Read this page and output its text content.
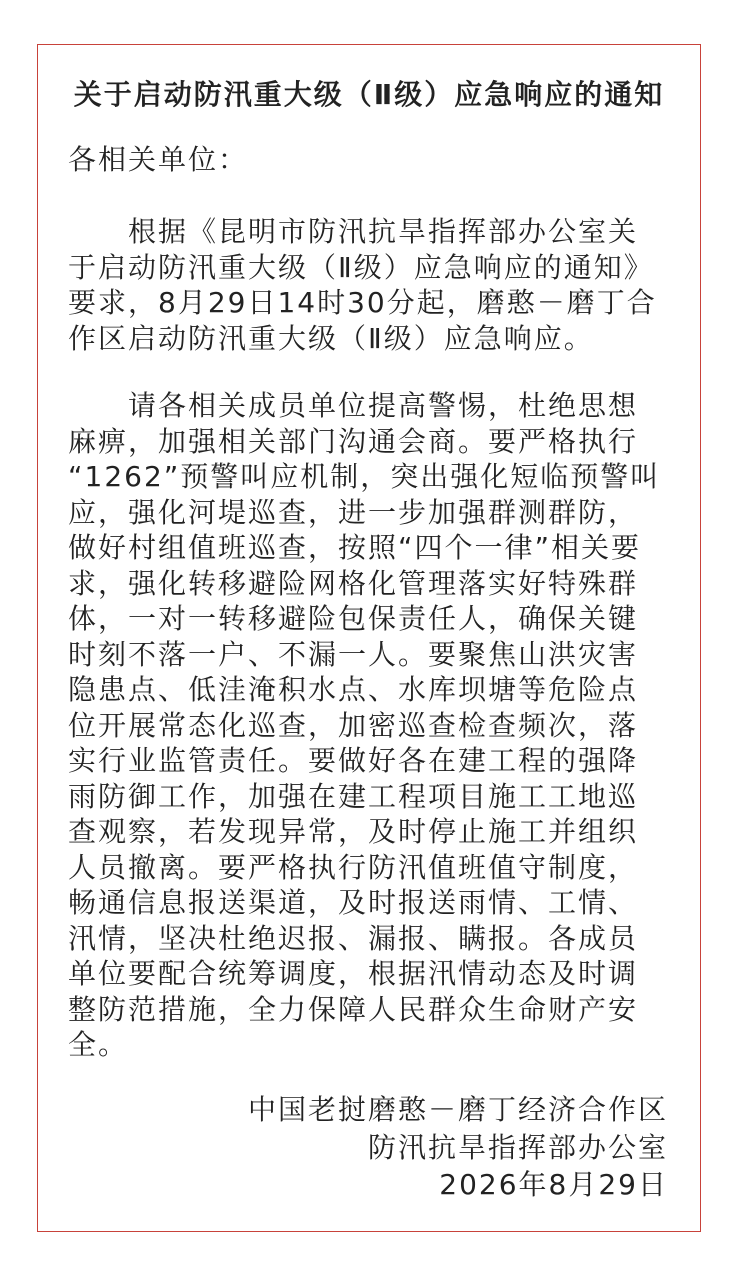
关于启动防汛重大级（Ⅱ级）应急响应的通知
各相关单位：
根据《昆明市防汛抗旱指挥部办公室关
于启动防汛重大级（Ⅱ级）应急响应的通知》
要求，8月29日14时30分起，磨憨－磨丁合
作区启动防汛重大级（Ⅱ级）应急响应。
请各相关成员单位提高警惕，杜绝思想
麻痹，加强相关部门沟通会商。要严格执行
“1262”预警叫应机制，突出强化短临预警叫
应，强化河堤巡查，进一步加强群测群防，
做好村组值班巡查，按照“四个一律”相关要
求，强化转移避险网格化管理落实好特殊群
体，一对一转移避险包保责任人，确保关键
时刻不落一户、不漏一人。要聚焦山洪灾害
隐患点、低洼淹积水点、水库坝塘等危险点
位开展常态化巡查，加密巡查检查频次，落
实行业监管责任。要做好各在建工程的强降
雨防御工作，加强在建工程项目施工工地巡
查观察，若发现异常，及时停止施工并组织
人员撤离。要严格执行防汛值班值守制度，
畅通信息报送渠道，及时报送雨情、工情、
汛情，坚决杜绝迟报、漏报、瞒报。各成员
单位要配合统筹调度，根据汛情动态及时调
整防范措施，全力保障人民群众生命财产安
全。
中国老挝磨憨－磨丁经济合作区
防汛抗旱指挥部办公室
2026年8月29日
